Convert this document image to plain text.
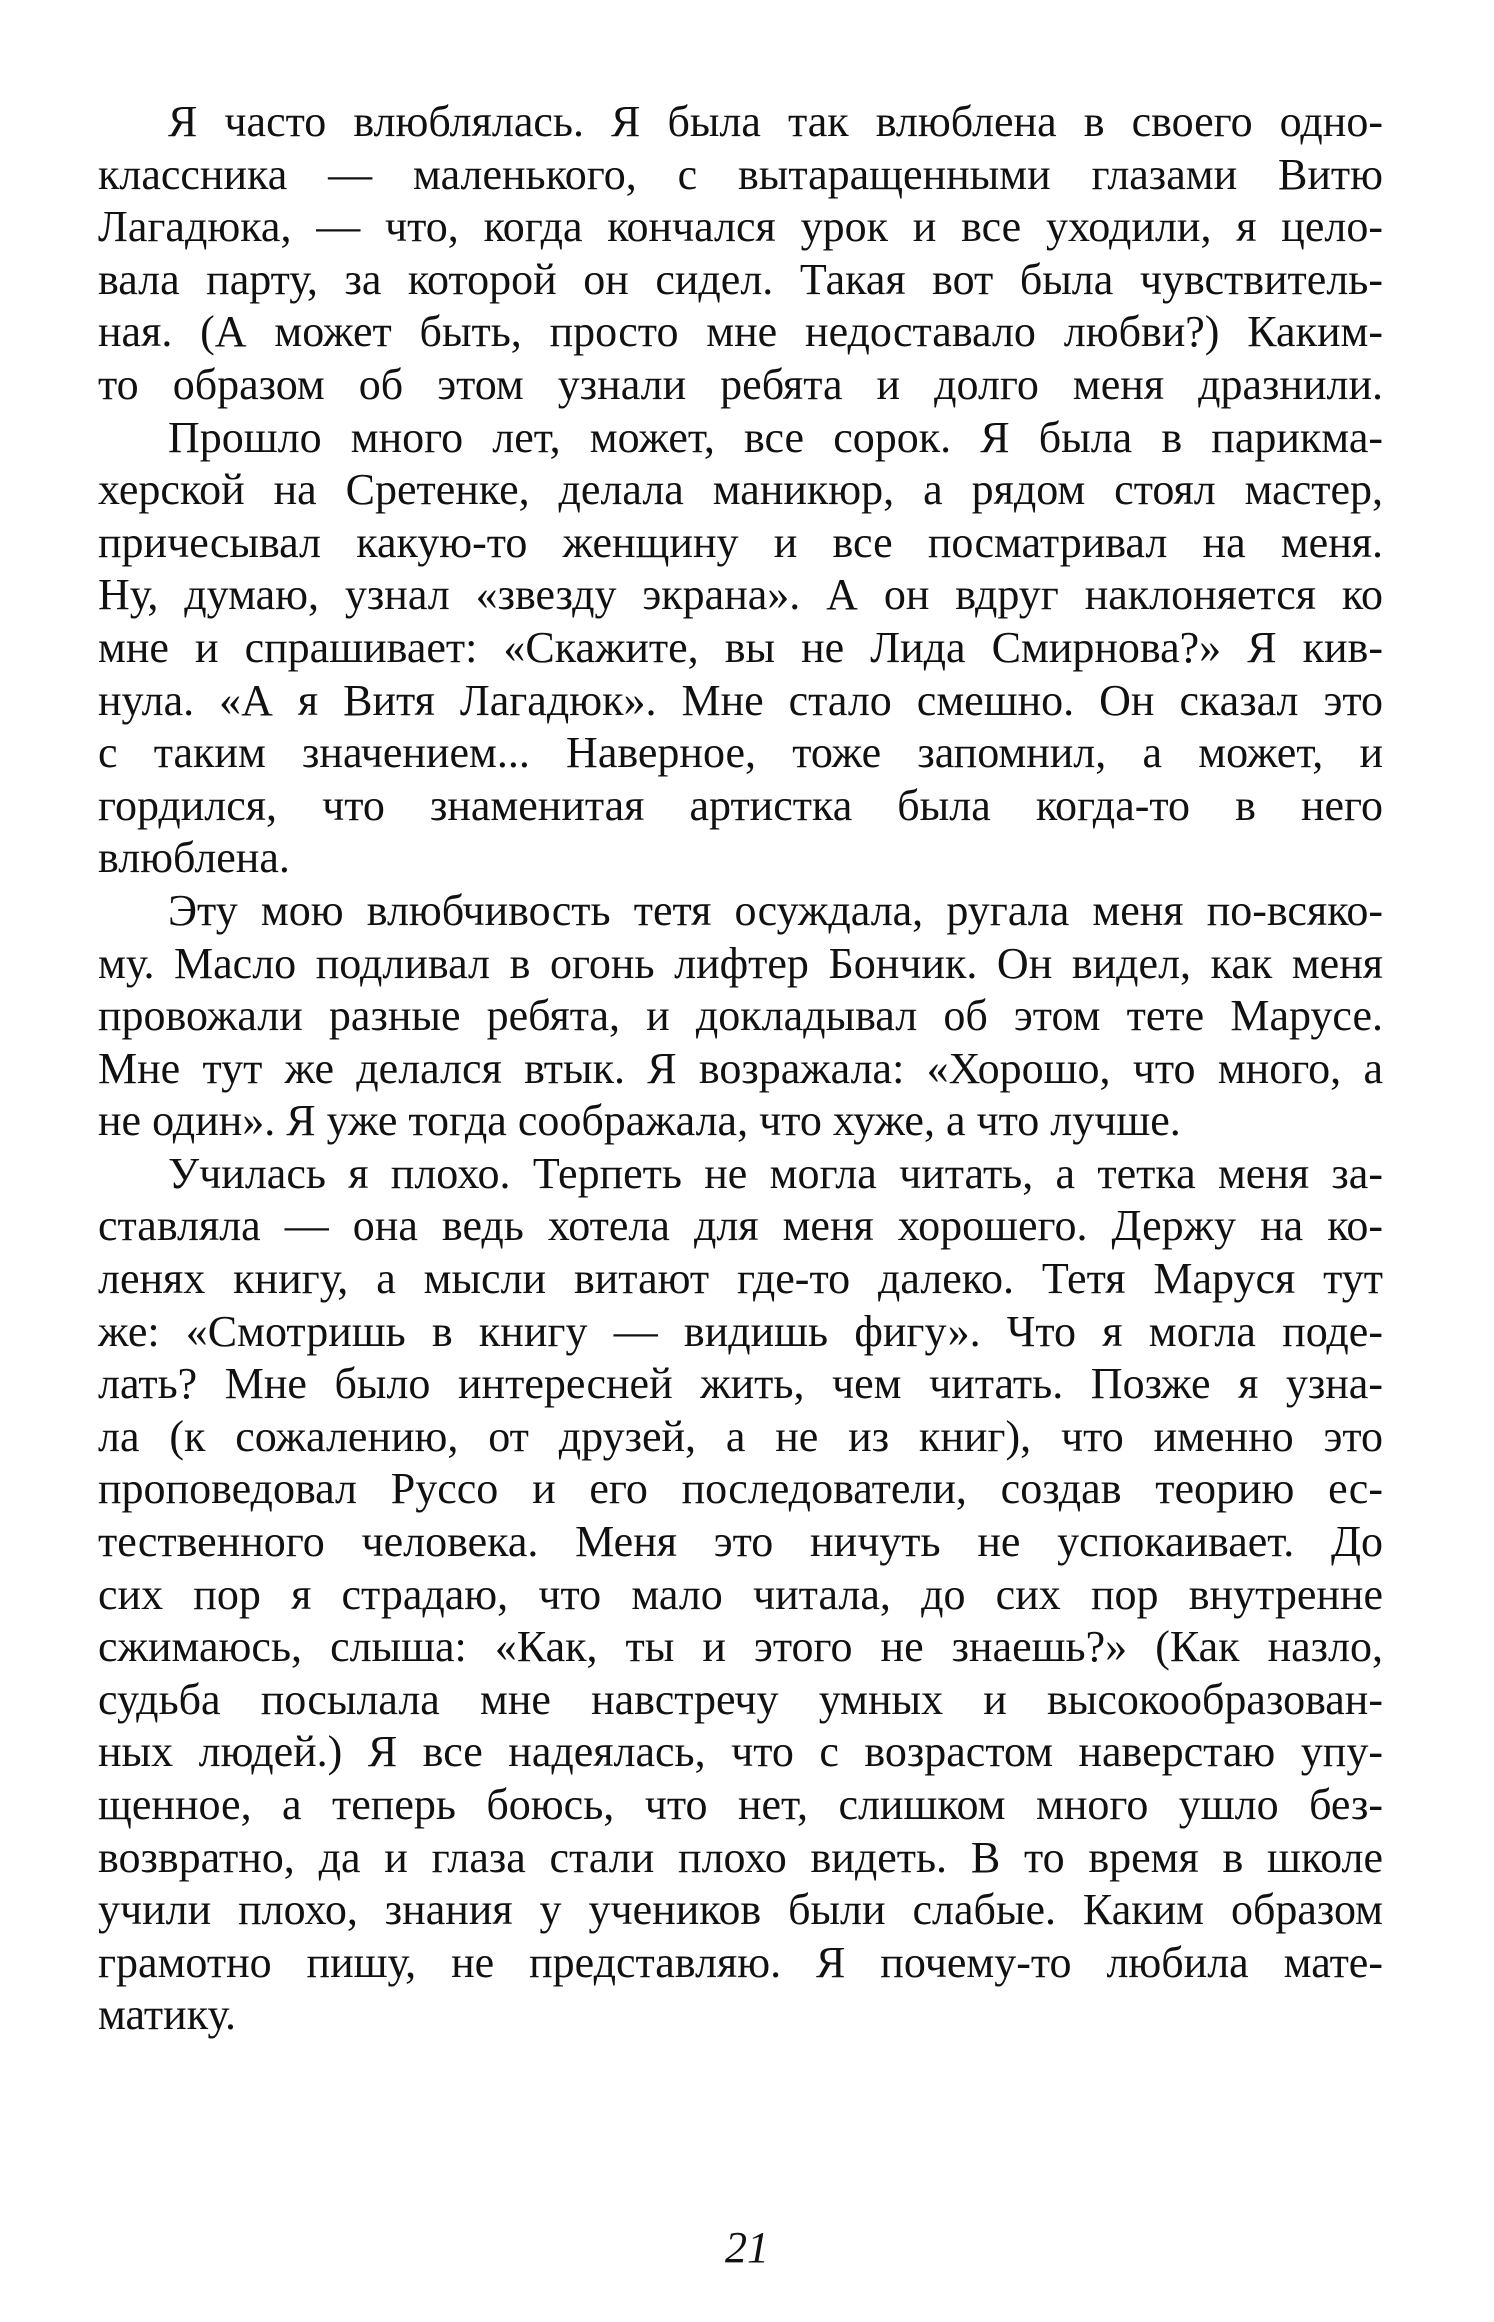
Я часто влюблялась. Я была так влюблена в своего одно-
классника — маленького, с вытаращенными глазами Витю
Лагадюка, — что, когда кончался урок и все уходили, я цело-
вала парту, за которой он сидел. Такая вот была чувствитель-
ная. (А может быть, просто мне недоставало любви?) Каким-
то образом об этом узнали ребята и долго меня дразнили.
Прошло много лет, может, все сорок. Я была в парикма-
херской на Сретенке, делала маникюр, а рядом стоял мастер,
причесывал какую-то женщину и все посматривал на меня.
Ну, думаю, узнал «звезду экрана». А он вдруг наклоняется ко
мне и спрашивает: «Скажите, вы не Лида Смирнова?» Я кив-
нула. «А я Витя Лагадюк». Мне стало смешно. Он сказал это
с таким значением... Наверное, тоже запомнил, а может, и
гордился, что знаменитая артистка была когда-то в него
влюблена.
Эту мою влюбчивость тетя осуждала, ругала меня по-всяко-
му. Масло подливал в огонь лифтер Бончик. Он видел, как меня
провожали разные ребята, и докладывал об этом тете Марусе.
Мне тут же делался втык. Я возражала: «Хорошо, что много, а
не один». Я уже тогда соображала, что хуже, а что лучше.
Училась я плохо. Терпеть не могла читать, а тетка меня за-
ставляла — она ведь хотела для меня хорошего. Держу на ко-
ленях книгу, а мысли витают где-то далеко. Тетя Маруся тут
же: «Смотришь в книгу — видишь фигу». Что я могла поде-
лать? Мне было интересней жить, чем читать. Позже я узна-
ла (к сожалению, от друзей, а не из книг), что именно это
проповедовал Руссо и его последователи, создав теорию ес-
тественного человека. Меня это ничуть не успокаивает. До
сих пор я страдаю, что мало читала, до сих пор внутренне
сжимаюсь, слыша: «Как, ты и этого не знаешь?» (Как назло,
судьба посылала мне навстречу умных и высокообразован-
ных людей.) Я все надеялась, что с возрастом наверстаю упу-
щенное, а теперь боюсь, что нет, слишком много ушло без-
возвратно, да и глаза стали плохо видеть. В то время в школе
учили плохо, знания у учеников были слабые. Каким образом
грамотно пишу, не представляю. Я почему-то любила мате-
матику.
21
